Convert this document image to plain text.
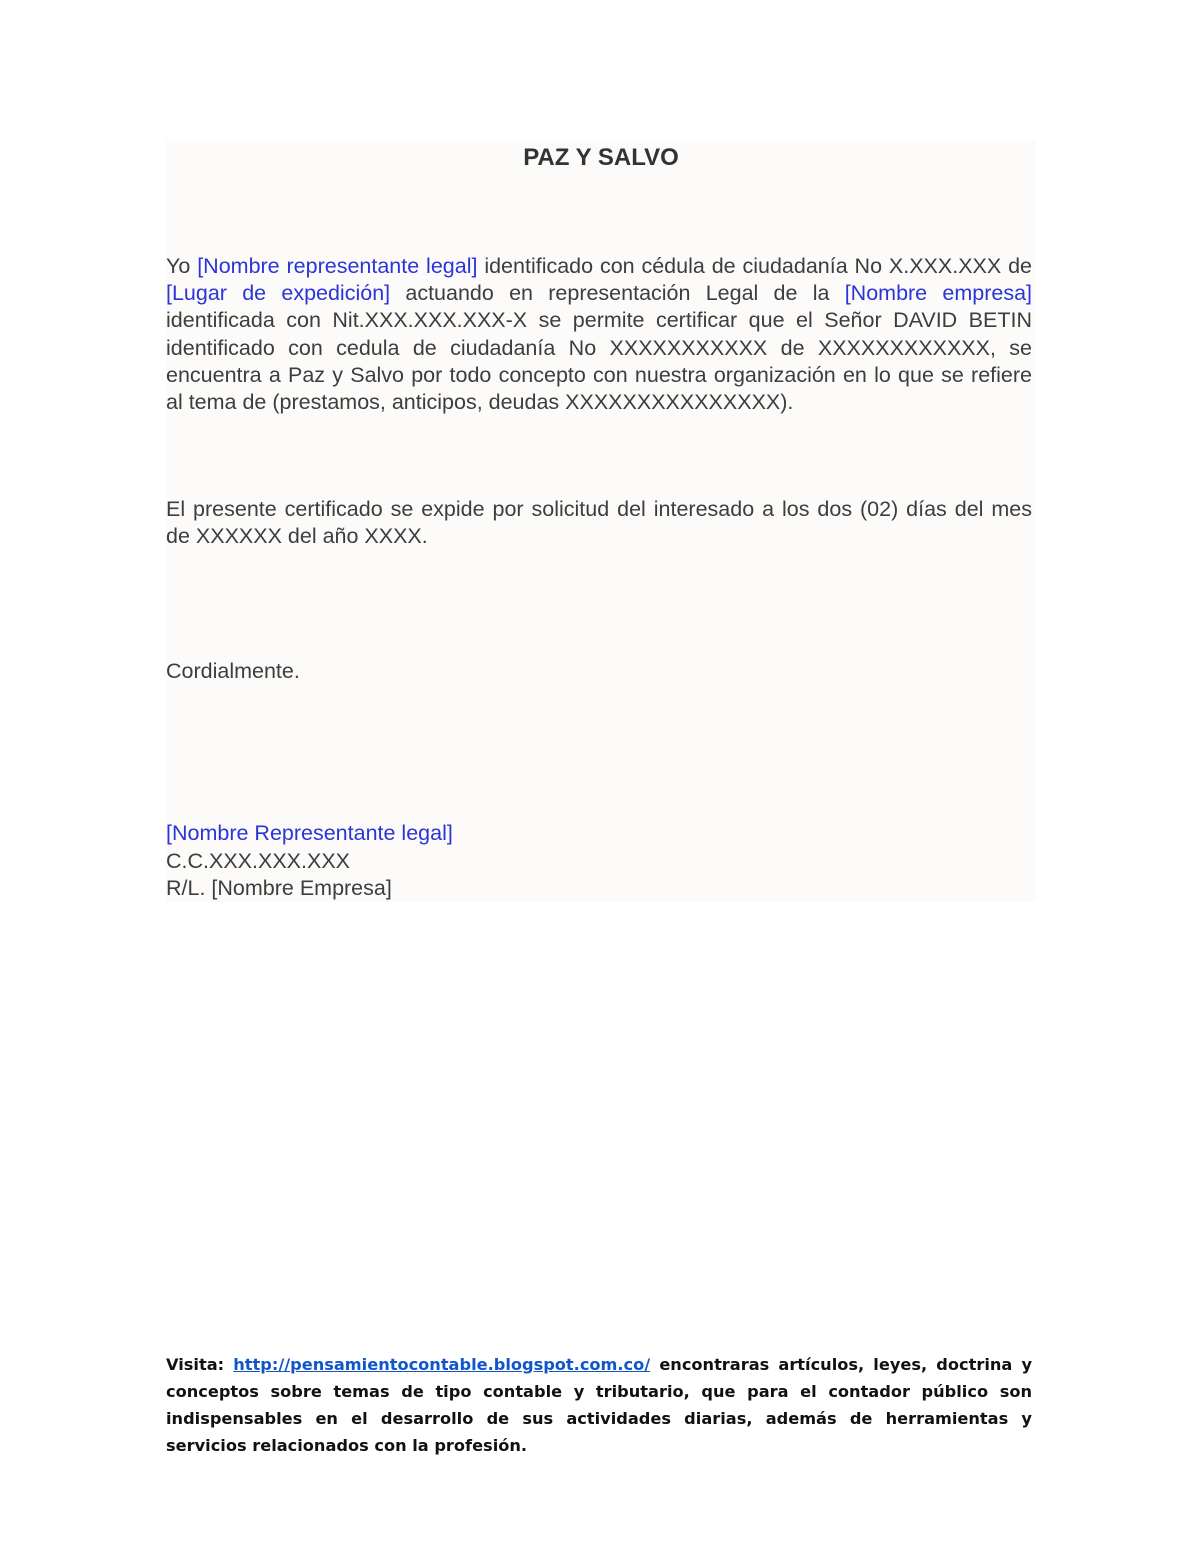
PAZ Y SALVO

Yo [Nombre representante legal] identificado con cédula de ciudadanía No X.XXX.XXX de [Lugar de expedición] actuando en representación Legal de la [Nombre empresa] identificada con Nit.XXX.XXX.XXX-X se permite certificar que el Señor DAVID BETIN identificado con cedula de ciudadanía No XXXXXXXXXXX de XXXXXXXXXXXX, se encuentra a Paz y Salvo por todo concepto con nuestra organización en lo que se refiere al tema de (prestamos, anticipos, deudas XXXXXXXXXXXXXXX).

El presente certificado se expide por solicitud del interesado a los dos (02) días del mes de XXXXXX del año XXXX.

Cordialmente.

[Nombre Representante legal]
C.C.XXX.XXX.XXX
R/L. [Nombre Empresa]

Visita: http://pensamientocontable.blogspot.com.co/ encontraras artículos, leyes, doctrina y conceptos sobre temas de tipo contable y tributario, que para el contador público son indispensables en el desarrollo de sus actividades diarias, además de herramientas y servicios relacionados con la profesión.
